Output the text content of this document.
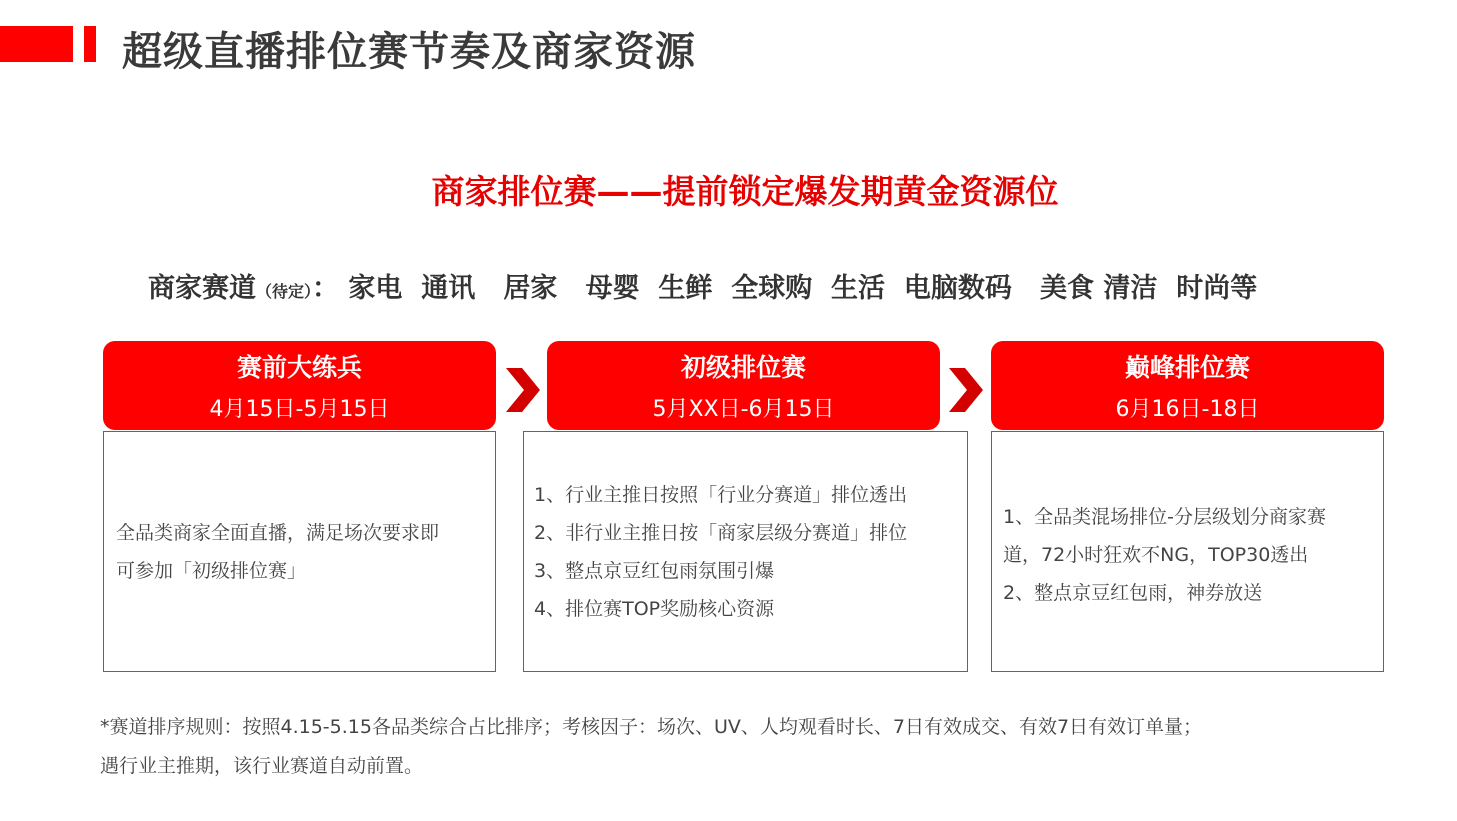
超级直播排位赛节奏及商家资源
商家排位赛——提前锁定爆发期黄金资源位
商家赛道（待定）： 家电  通讯   居家   母婴  生鲜  全球购  生活  电脑数码   美食 清洁  时尚等
赛前大练兵
4月15日-5月15日
全品类商家全面直播，满足场次要求即
可参加「初级排位赛」
初级排位赛
5月XX日-6月15日
1、行业主推日按照「行业分赛道」排位透出
2、非行业主推日按「商家层级分赛道」排位
3、整点京豆红包雨氛围引爆
4、排位赛TOP奖励核心资源
巅峰排位赛
6月16日-18日
1、全品类混场排位-分层级划分商家赛
道，72小时狂欢不NG，TOP30透出
2、整点京豆红包雨，神券放送
*赛道排序规则：按照4.15-5.15各品类综合占比排序；考核因子：场次、UV、人均观看时长、7日有效成交、有效7日有效订单量；
遇行业主推期，该行业赛道自动前置。
